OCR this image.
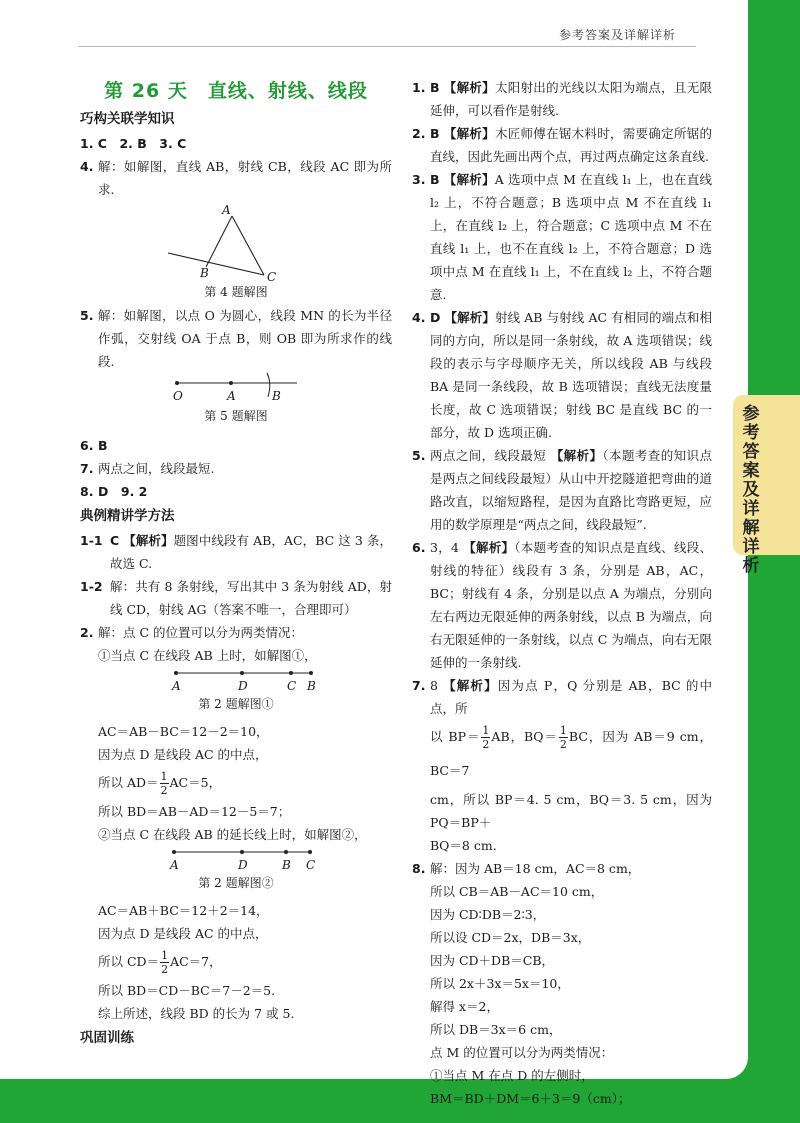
参考答案及详解详析
第 26 天　直线、射线、线段
巧构关联学知识
1. C　2. B　3. C
4. 解：如解图，直线 AB，射线 CB，线段 AC 即为所求.
A
B	C
第 4 题解图
5. 解：如解图，以点 O 为圆心，线段 MN 的长为半径作弧，交射线 OA 于点 B，则 OB 即为所求作的线段.
O	A	B
第 5 题解图
6. B
7. 两点之间，线段最短.
8. D　9. 2
典例精讲学方法
1-1 C 【解析】题图中线段有 AB，AC，BC 这 3 条，故选 C.
1-2 解：共有 8 条射线，写出其中 3 条为射线 AD，射线 CD，射线 AG（答案不唯一，合理即可）
2. 解：点 C 的位置可以分为两类情况：
①当点 C 在线段 AB 上时，如解图①，
A	D	C B
第 2 题解图①
AC＝AB－BC＝12－2＝10，
因为点 D 是线段 AC 的中点，
所以 $AD= \frac{1}{2} AC=5$，
所以 BD＝AB－AD＝12－5＝7；
②当点 C 在线段 AB 的延长线上时，如解图②，
A	D	B C
第 2 题解图②
AC＝AB＋BC＝12＋2＝14，
因为点 D 是线段 AC 的中点，
所以 $CD= \frac{1}{2} AC=7$，
所以 BD＝CD－BC＝7－2＝5.
综上所述，线段 BD 的长为 7 或 5.
巩固训练
1. B 【解析】太阳射出的光线以太阳为端点，且无限延伸，可以看作是射线.
2. B 【解析】木匠师傅在锯木料时，需要确定所锯的直线，因此先画出两个点，再过两点确定这条直线.
3. B 【解析】A 选项中点 M 在直线 l₁ 上，也在直线 l₂ 上，不符合题意；B 选项中点 M 不在直线 l₁ 上，在直线 l₂ 上，符合题意；C 选项中点 M 不在直线 l₁ 上，也不在直线 l₂ 上，不符合题意；D 选项中点 M 在直线 l₁ 上，不在直线 l₂ 上，不符合题意.
4. D 【解析】射线 AB 与射线 AC 有相同的端点和相同的方向，所以是同一条射线，故 A 选项错误；线段的表示与字母顺序无关，所以线段 AB 与线段 BA 是同一条线段，故 B 选项错误；直线无法度量长度，故 C 选项错误；射线 BC 是直线 BC 的一部分，故 D 选项正确.
5. 两点之间，线段最短 【解析】（本题考查的知识点是两点之间线段最短）从山中开挖隧道把弯曲的道路改直，以缩短路程，是因为直路比弯路更短，应用的数学原理是“两点之间，线段最短”.
6. 3，4 【解析】（本题考查的知识点是直线、线段、射线的特征）线段有 3 条，分别是 AB，AC，BC；射线有 4 条，分别是以点 A 为端点，分别向左右两边无限延伸的两条射线，以点 B 为端点，向右无限延伸的一条射线，以点 C 为端点，向右无限延伸的一条射线.
7. 8 【解析】因为点 P，Q 分别是 AB，BC 的中点，所
以 $BP= \frac{1}{2}$ AB，$BQ= \frac{1}{2}$ BC，因为 AB＝9 cm，BC＝7
cm，所以 BP＝4. 5 cm，BQ＝3. 5 cm，因为 PQ＝BP＋
BQ＝8 cm.
8. 解：因为 AB＝18 cm，AC＝8 cm，
所以 CB＝AB－AC＝10 cm，
因为 CD∶DB＝2∶3，
所以设 CD＝2x，DB＝3x，
因为 CD＋DB＝CB，
所以 2x＋3x＝5x＝10，
解得 x＝2，
所以 DB＝3x＝6 cm，
点 M 的位置可以分为两类情况：
①当点 M 在点 D 的左侧时，
BM＝BD＋DM＝6＋3＝9（cm）；
参考答案及详解详析
